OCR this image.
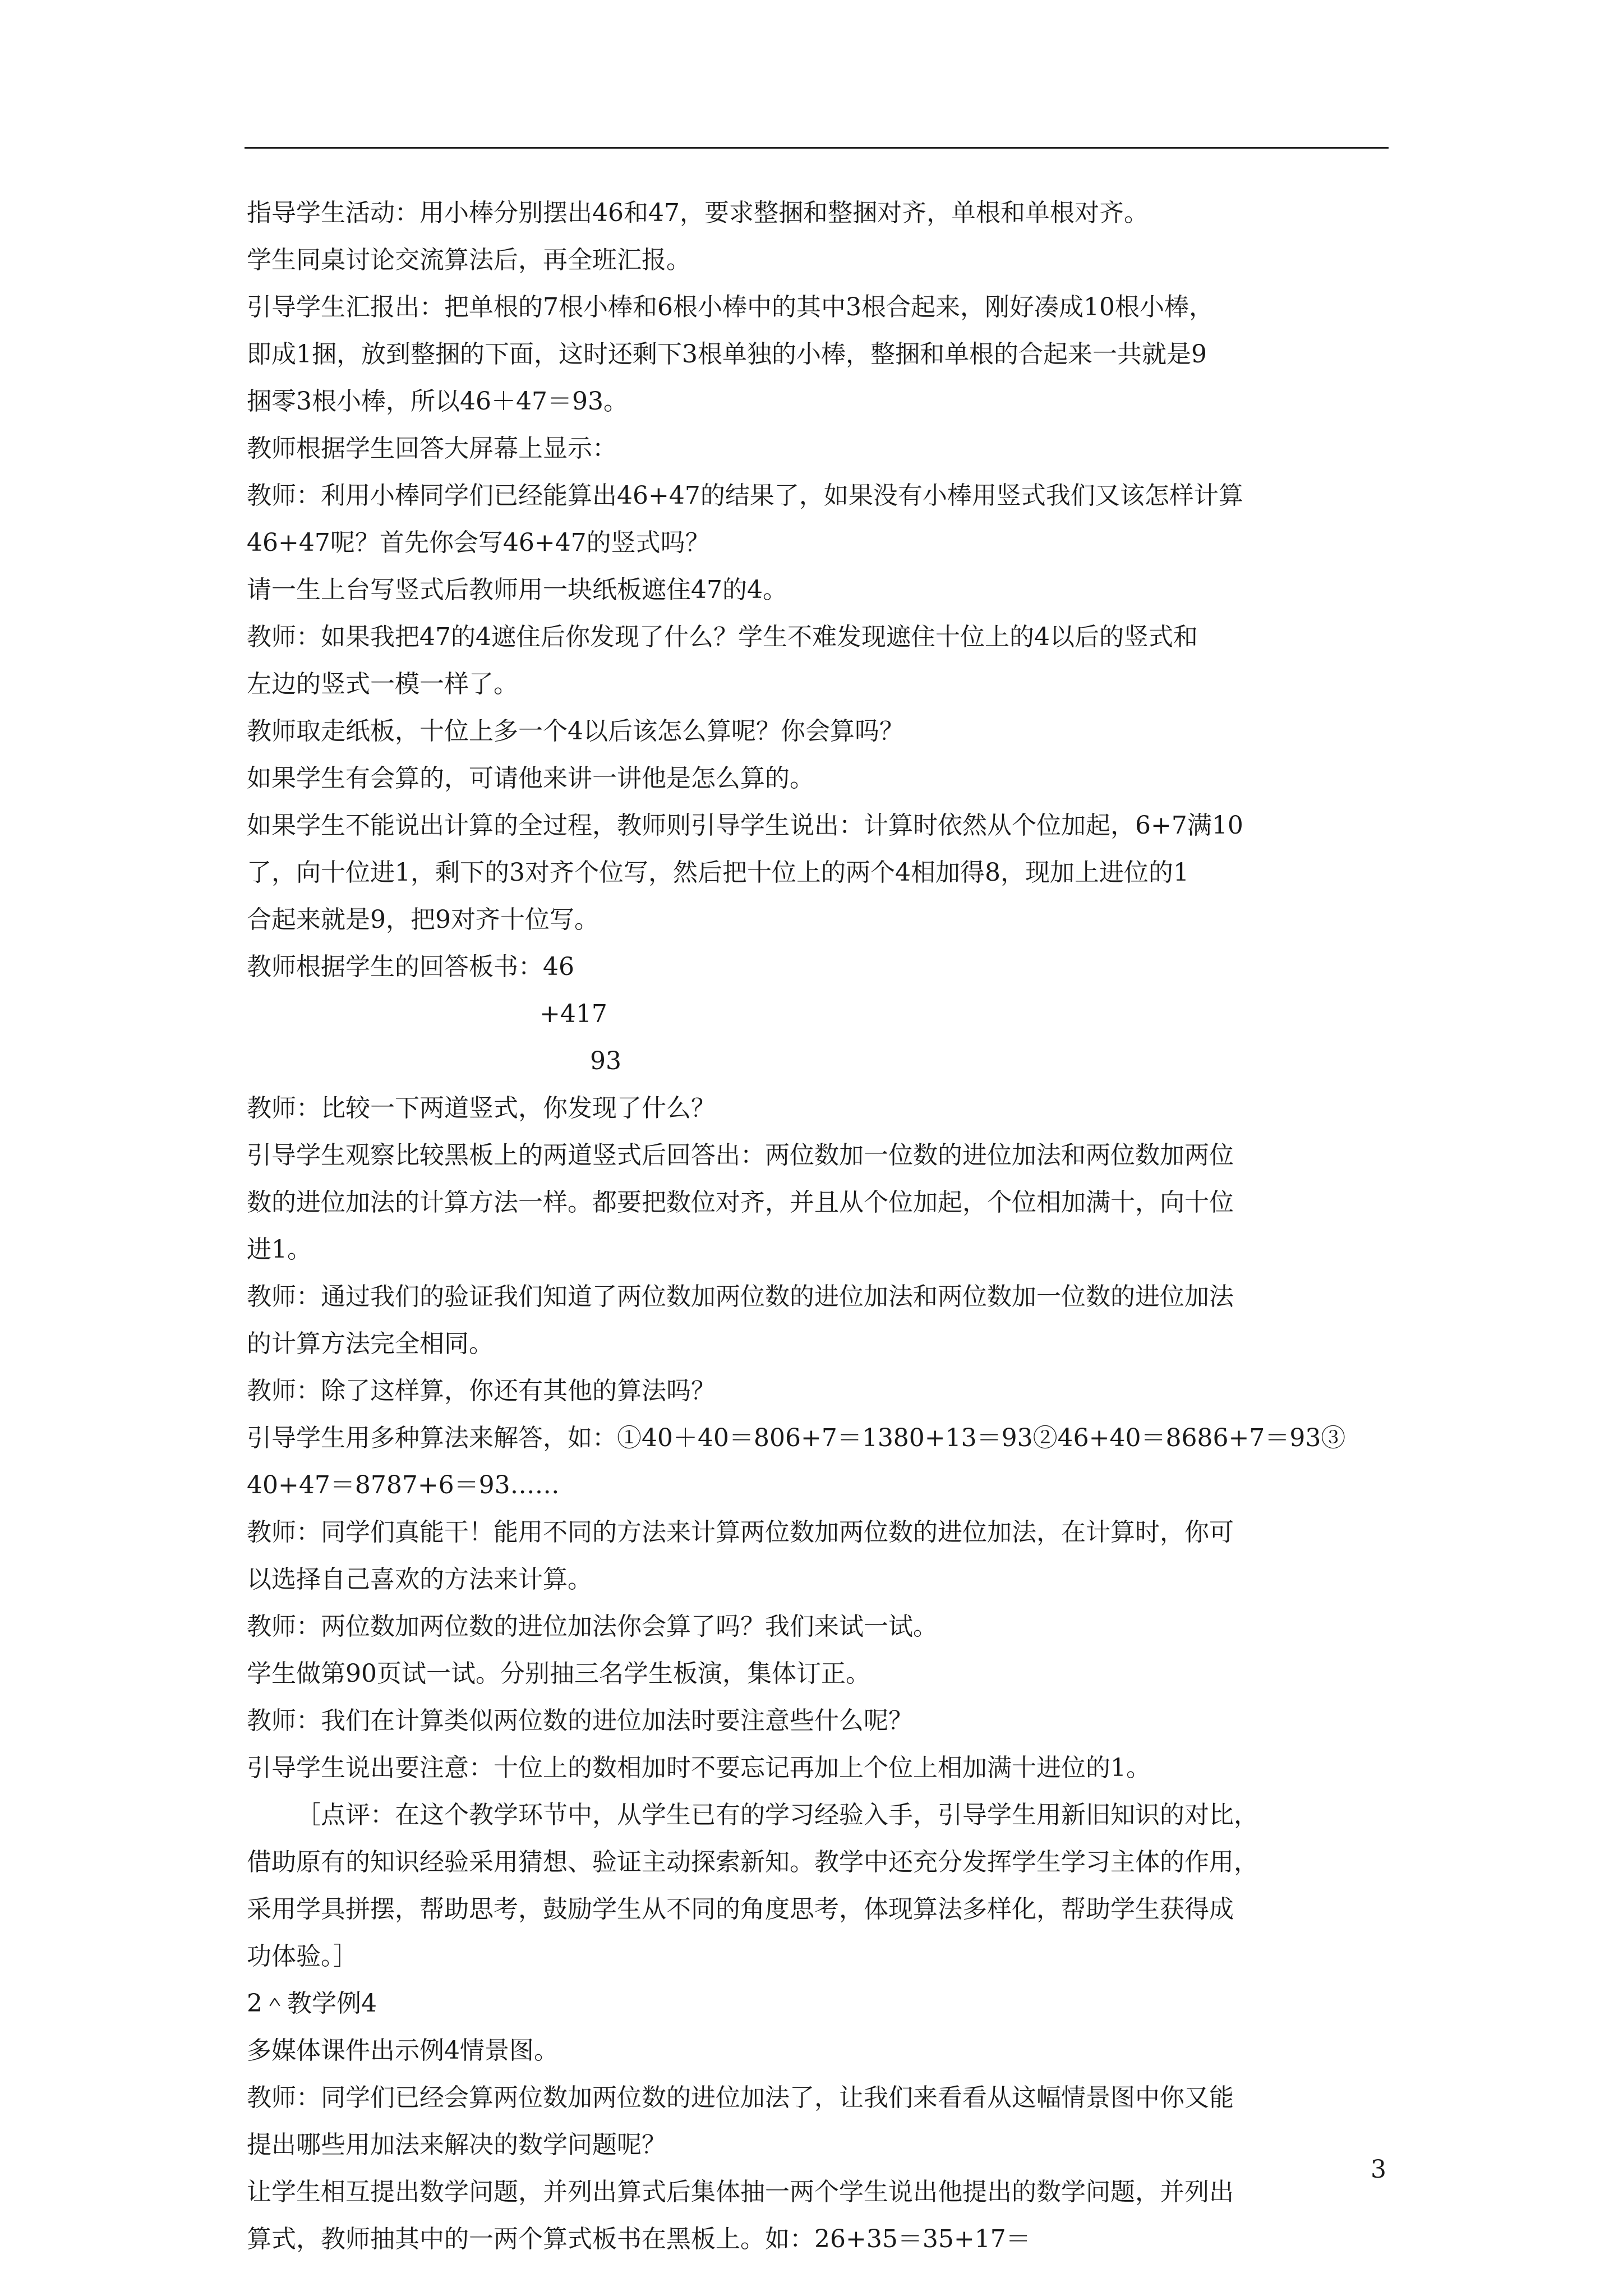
指导学生活动：用小棒分别摆出46和47，要求整捆和整捆对齐，单根和单根对齐。
学生同桌讨论交流算法后，再全班汇报。
引导学生汇报出：把单根的7根小棒和6根小棒中的其中3根合起来，刚好凑成10根小棒，
即成1捆，放到整捆的下面，这时还剩下3根单独的小棒，整捆和单根的合起来一共就是9
捆零3根小棒，所以46＋47＝93。
教师根据学生回答大屏幕上显示：
教师：利用小棒同学们已经能算出46+47的结果了，如果没有小棒用竖式我们又该怎样计算
46+47呢？首先你会写46+47的竖式吗？
请一生上台写竖式后教师用一块纸板遮住47的4。
教师：如果我把47的4遮住后你发现了什么？学生不难发现遮住十位上的4以后的竖式和
左边的竖式一模一样了。
教师取走纸板，十位上多一个4以后该怎么算呢？你会算吗？
如果学生有会算的，可请他来讲一讲他是怎么算的。
如果学生不能说出计算的全过程，教师则引导学生说出：计算时依然从个位加起，6+7满10
了，向十位进1，剩下的3对齐个位写，然后把十位上的两个4相加得8，现加上进位的1
合起来就是9，把9对齐十位写。
教师根据学生的回答板书：46
+417
93
教师：比较一下两道竖式，你发现了什么？
引导学生观察比较黑板上的两道竖式后回答出：两位数加一位数的进位加法和两位数加两位
数的进位加法的计算方法一样。都要把数位对齐，并且从个位加起，个位相加满十，向十位
进1。
教师：通过我们的验证我们知道了两位数加两位数的进位加法和两位数加一位数的进位加法
的计算方法完全相同。
教师：除了这样算，你还有其他的算法吗？
引导学生用多种算法来解答，如：①40＋40＝806+7＝1380+13＝93②46+40＝8686+7＝93③
40+47＝8787+6＝93……
教师：同学们真能干！能用不同的方法来计算两位数加两位数的进位加法，在计算时，你可
以选择自己喜欢的方法来计算。
教师：两位数加两位数的进位加法你会算了吗？我们来试一试。
学生做第90页试一试。分别抽三名学生板演，集体订正。
教师：我们在计算类似两位数的进位加法时要注意些什么呢？
引导学生说出要注意：十位上的数相加时不要忘记再加上个位上相加满十进位的1。
［点评：在这个教学环节中，从学生已有的学习经验入手，引导学生用新旧知识的对比，
借助原有的知识经验采用猜想、验证主动探索新知。教学中还充分发挥学生学习主体的作用，
采用学具拼摆，帮助思考，鼓励学生从不同的角度思考，体现算法多样化，帮助学生获得成
功体验。］
2＾教学例4
多媒体课件出示例4情景图。
教师：同学们已经会算两位数加两位数的进位加法了，让我们来看看从这幅情景图中你又能
提出哪些用加法来解决的数学问题呢？
让学生相互提出数学问题，并列出算式后集体抽一两个学生说出他提出的数学问题，并列出
算式，教师抽其中的一两个算式板书在黑板上。如：26+35＝35+17＝
3
